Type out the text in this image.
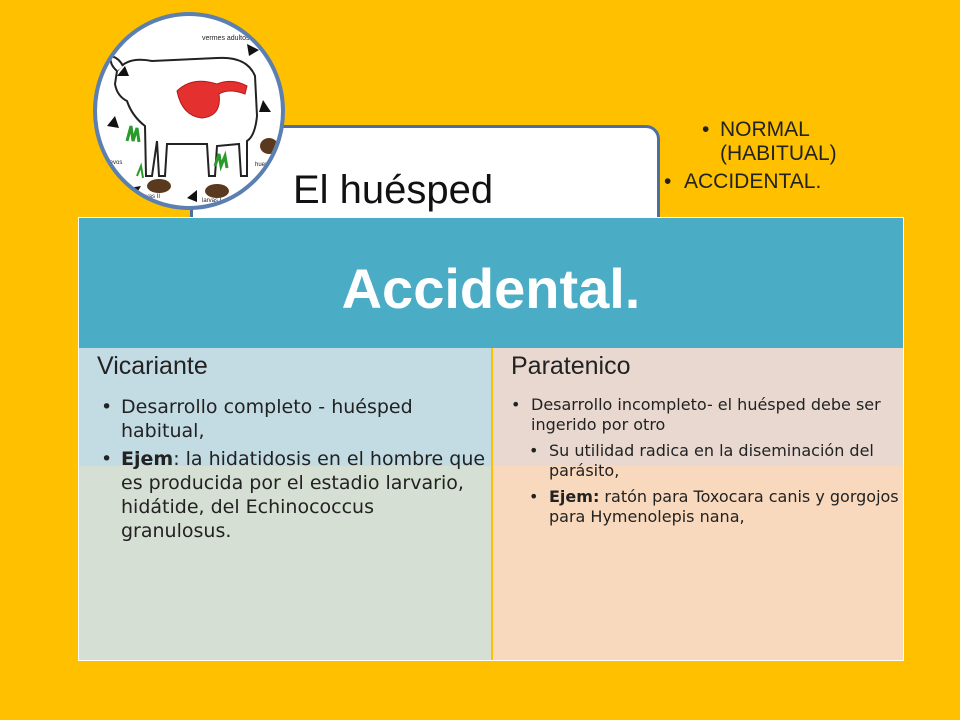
El huésped
vermes adultos
huevos	huevos
larvas II
larvas I
• NORMAL (HABITUAL)
• ACCIDENTAL.
Accidental.
Vicariante
• Desarrollo completo - huésped habitual,
• Ejem: la hidatidosis en el hombre que es producida por el estadio larvario, hidátide, del Echinococcus granulosus.
Paratenico
• Desarrollo incompleto- el huésped debe ser ingerido por otro
• Su utilidad radica en la diseminación del parásito,
• Ejem: ratón para Toxocara canis y gorgojos para Hymenolepis nana,
